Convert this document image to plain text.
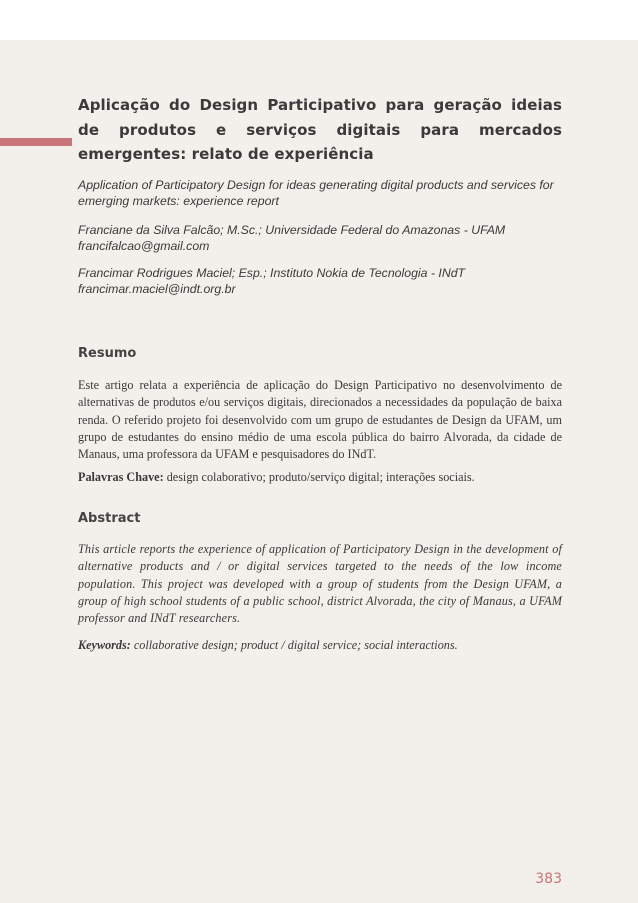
Aplicação do Design Participativo para geração ideias de produtos e serviços digitais para mercados emergentes: relato de experiência

Application of Participatory Design for ideas generating digital products and services for emerging markets: experience report

Franciane da Silva Falcão; M.Sc.; Universidade Federal do Amazonas - UFAM

francifalcao@gmail.com

Francimar Rodrigues Maciel; Esp.; Instituto Nokia de Tecnologia - INdT

francimar.maciel@indt.org.br

Resumo

Este artigo relata a experiência de aplicação do Design Participativo no desenvolvimento de alternativas de produtos e/ou serviços digitais, direcionados a necessidades da população de baixa renda. O referido projeto foi desenvolvido com um grupo de estudantes de Design da UFAM, um grupo de estudantes do ensino médio de uma escola pública do bairro Alvorada, da cidade de Manaus, uma professora da UFAM e pesquisadores do INdT.

Palavras Chave: design colaborativo; produto/serviço digital; interações sociais.

Abstract

This article reports the experience of application of Participatory Design in the development of alternative products and / or digital services targeted to the needs of the low income population. This project was developed with a group of students from the Design UFAM, a group of high school students of a public school, district Alvorada, the city of Manaus, a UFAM professor and INdT researchers.

Keywords: collaborative design; product / digital service; social interactions.

383
